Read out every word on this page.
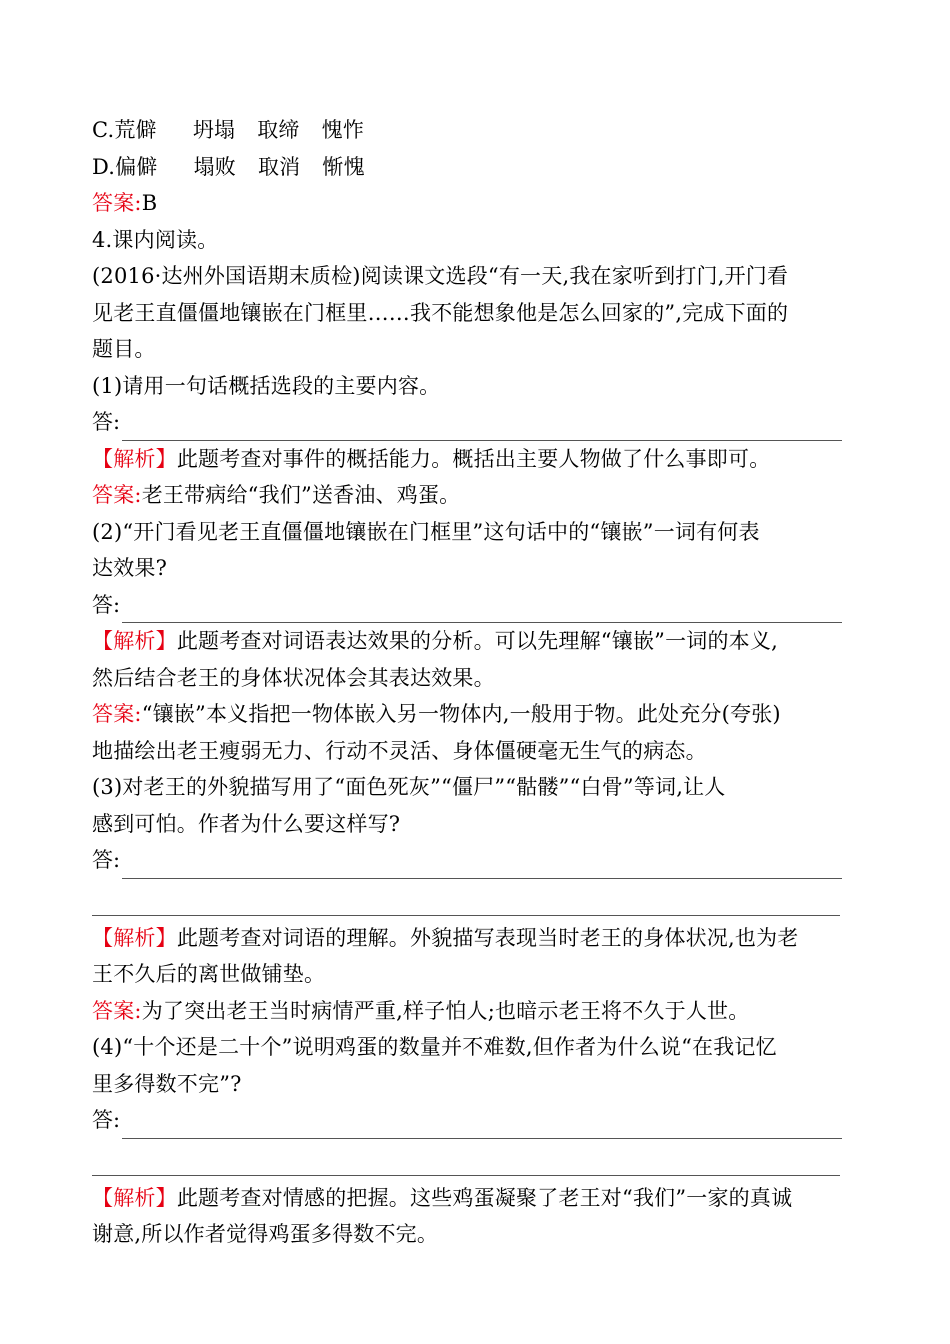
C.荒僻 坍塌 取缔 愧怍
D.偏僻 塌败 取消 惭愧
答案:B
4.课内阅读。
(2016·达州外国语期末质检)阅读课文选段“有一天,我在家听到打门,开门看
见老王直僵僵地镶嵌在门框里……我不能想象他是怎么回家的”,完成下面的
题目。
(1)请用一句话概括选段的主要内容。
答:
【解析】此题考查对事件的概括能力。概括出主要人物做了什么事即可。
答案:老王带病给“我们”送香油、鸡蛋。
(2)“开门看见老王直僵僵地镶嵌在门框里”这句话中的“镶嵌”一词有何表
达效果?
答:
【解析】此题考查对词语表达效果的分析。可以先理解“镶嵌”一词的本义,
然后结合老王的身体状况体会其表达效果。
答案:“镶嵌”本义指把一物体嵌入另一物体内,一般用于物。此处充分(夸张)
地描绘出老王瘦弱无力、行动不灵活、身体僵硬毫无生气的病态。
(3)对老王的外貌描写用了“面色死灰”“僵尸”“骷髅”“白骨”等词,让人
感到可怕。作者为什么要这样写?
答:
【解析】此题考查对词语的理解。外貌描写表现当时老王的身体状况,也为老
王不久后的离世做铺垫。
答案:为了突出老王当时病情严重,样子怕人;也暗示老王将不久于人世。
(4)“十个还是二十个”说明鸡蛋的数量并不难数,但作者为什么说“在我记忆
里多得数不完”?
答:
【解析】此题考查对情感的把握。这些鸡蛋凝聚了老王对“我们”一家的真诚
谢意,所以作者觉得鸡蛋多得数不完。
